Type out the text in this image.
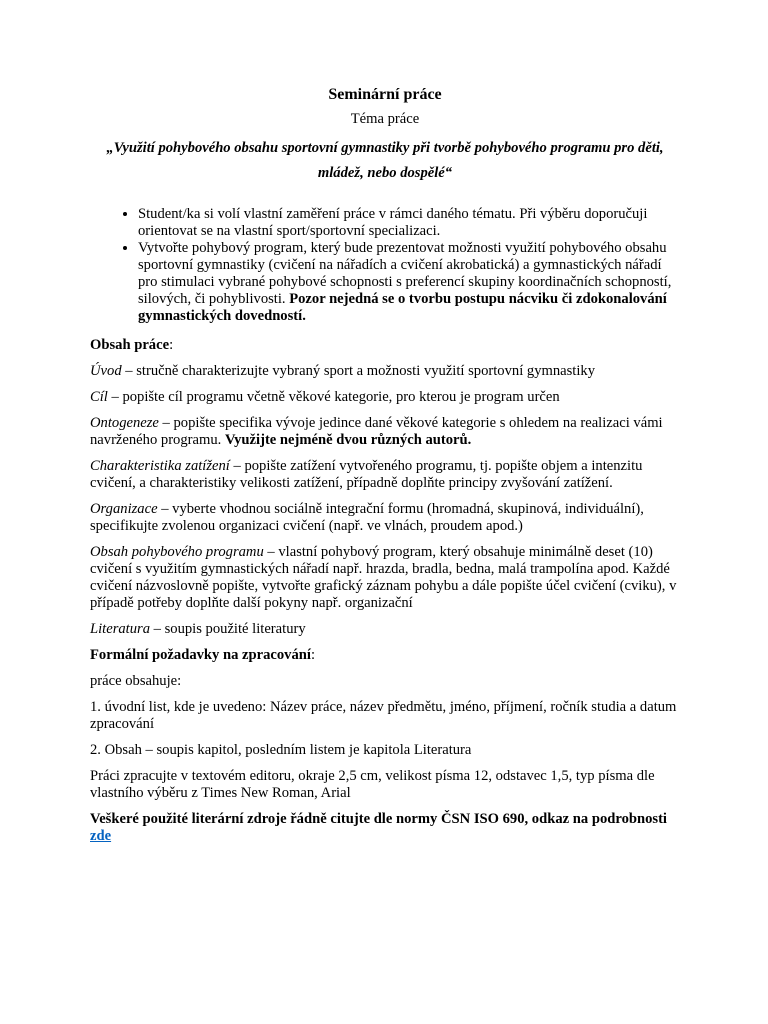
Seminární práce
Téma práce
„Využití pohybového obsahu sportovní gymnastiky při tvorbě pohybového programu pro děti, mládež, nebo dospělé“
• Student/ka si volí vlastní zaměření práce v rámci daného tématu. Při výběru doporučuji orientovat se na vlastní sport/sportovní specializaci.
• Vytvořte pohybový program, který bude prezentovat možnosti využití pohybového obsahu sportovní gymnastiky (cvičení na nářadích a cvičení akrobatická) a gymnastických nářadí pro stimulaci vybrané pohybové schopnosti s preferencí skupiny koordinačních schopností, silových, či pohyblivosti. Pozor nejedná se o tvorbu postupu nácviku či zdokonalování gymnastických dovedností.

Obsah práce:

Úvod – stručně charakterizujte vybraný sport a možnosti využití sportovní gymnastiky

Cíl – popište cíl programu včetně věkové kategorie, pro kterou je program určen

Ontogeneze – popište specifika vývoje jedince dané věkové kategorie s ohledem na realizaci vámi navrženého programu. Využijte nejméně dvou různých autorů.

Charakteristika zatížení – popište zatížení vytvořeného programu, tj. popište objem a intenzitu cvičení, a charakteristiky velikosti zatížení, případně doplňte principy zvyšování zatížení.

Organizace – vyberte vhodnou sociálně integrační formu (hromadná, skupinová, individuální), specifikujte zvolenou organizaci cvičení (např. ve vlnách, proudem apod.)

Obsah pohybového programu – vlastní pohybový program, který obsahuje minimálně deset (10) cvičení s využitím gymnastických nářadí např. hrazda, bradla, bedna, malá trampolína apod. Každé cvičení názvoslovně popište, vytvořte grafický záznam pohybu a dále popište účel cvičení (cviku), v případě potřeby doplňte další pokyny např. organizační

Literatura – soupis použité literatury

Formální požadavky na zpracování:

práce obsahuje:

1. úvodní list, kde je uvedeno: Název práce, název předmětu, jméno, příjmení, ročník studia a datum zpracování

2. Obsah – soupis kapitol, posledním listem je kapitola Literatura

Práci zpracujte v textovém editoru, okraje 2,5 cm, velikost písma 12, odstavec 1,5, typ písma dle vlastního výběru z Times New Roman, Arial

Veškeré použité literární zdroje řádně citujte dle normy ČSN ISO 690, odkaz na podrobnosti zde
